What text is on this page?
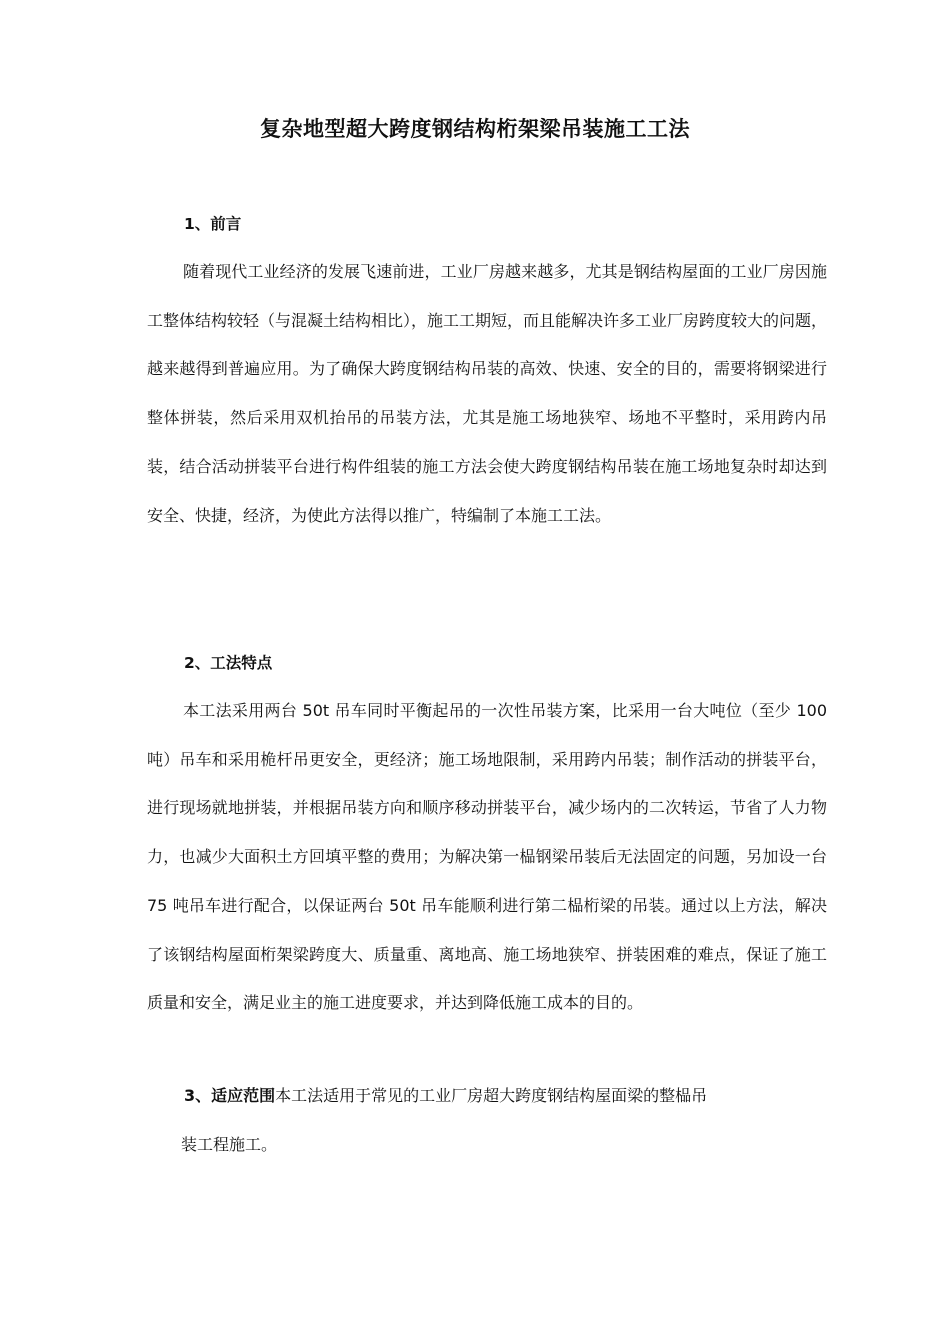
复杂地型超大跨度钢结构桁架梁吊装施工工法
1、前言

随着现代工业经济的发展飞速前进，工业厂房越来越多，尤其是钢结构屋面的工业厂房因施工整体结构较轻（与混凝土结构相比），施工工期短，而且能解决许多工业厂房跨度较大的问题，越来越得到普遍应用。为了确保大跨度钢结构吊装的高效、快速、安全的目的，需要将钢梁进行整体拼装，然后采用双机抬吊的吊装方法，尤其是施工场地狭窄、场地不平整时，采用跨内吊装，结合活动拼装平台进行构件组装的施工方法会使大跨度钢结构吊装在施工场地复杂时却达到安全、快捷，经济，为使此方法得以推广，特编制了本施工工法。

2、工法特点

本工法采用两台 50t 吊车同时平衡起吊的一次性吊装方案，比采用一台大吨位（至少 100 吨）吊车和采用桅杆吊更安全，更经济；施工场地限制，采用跨内吊装；制作活动的拼装平台，进行现场就地拼装，并根据吊装方向和顺序移动拼装平台，减少场内的二次转运，节省了人力物力，也减少大面积土方回填平整的费用；为解决第一榀钢梁吊装后无法固定的问题，另加设一台 75 吨吊车进行配合，以保证两台 50t 吊车能顺利进行第二榀桁梁的吊装。通过以上方法，解决了该钢结构屋面桁架梁跨度大、质量重、离地高、施工场地狭窄、拼装困难的难点，保证了施工质量和安全，满足业主的施工进度要求，并达到降低施工成本的目的。

3、适应范围本工法适用于常见的工业厂房超大跨度钢结构屋面梁的整榀吊

装工程施工。
